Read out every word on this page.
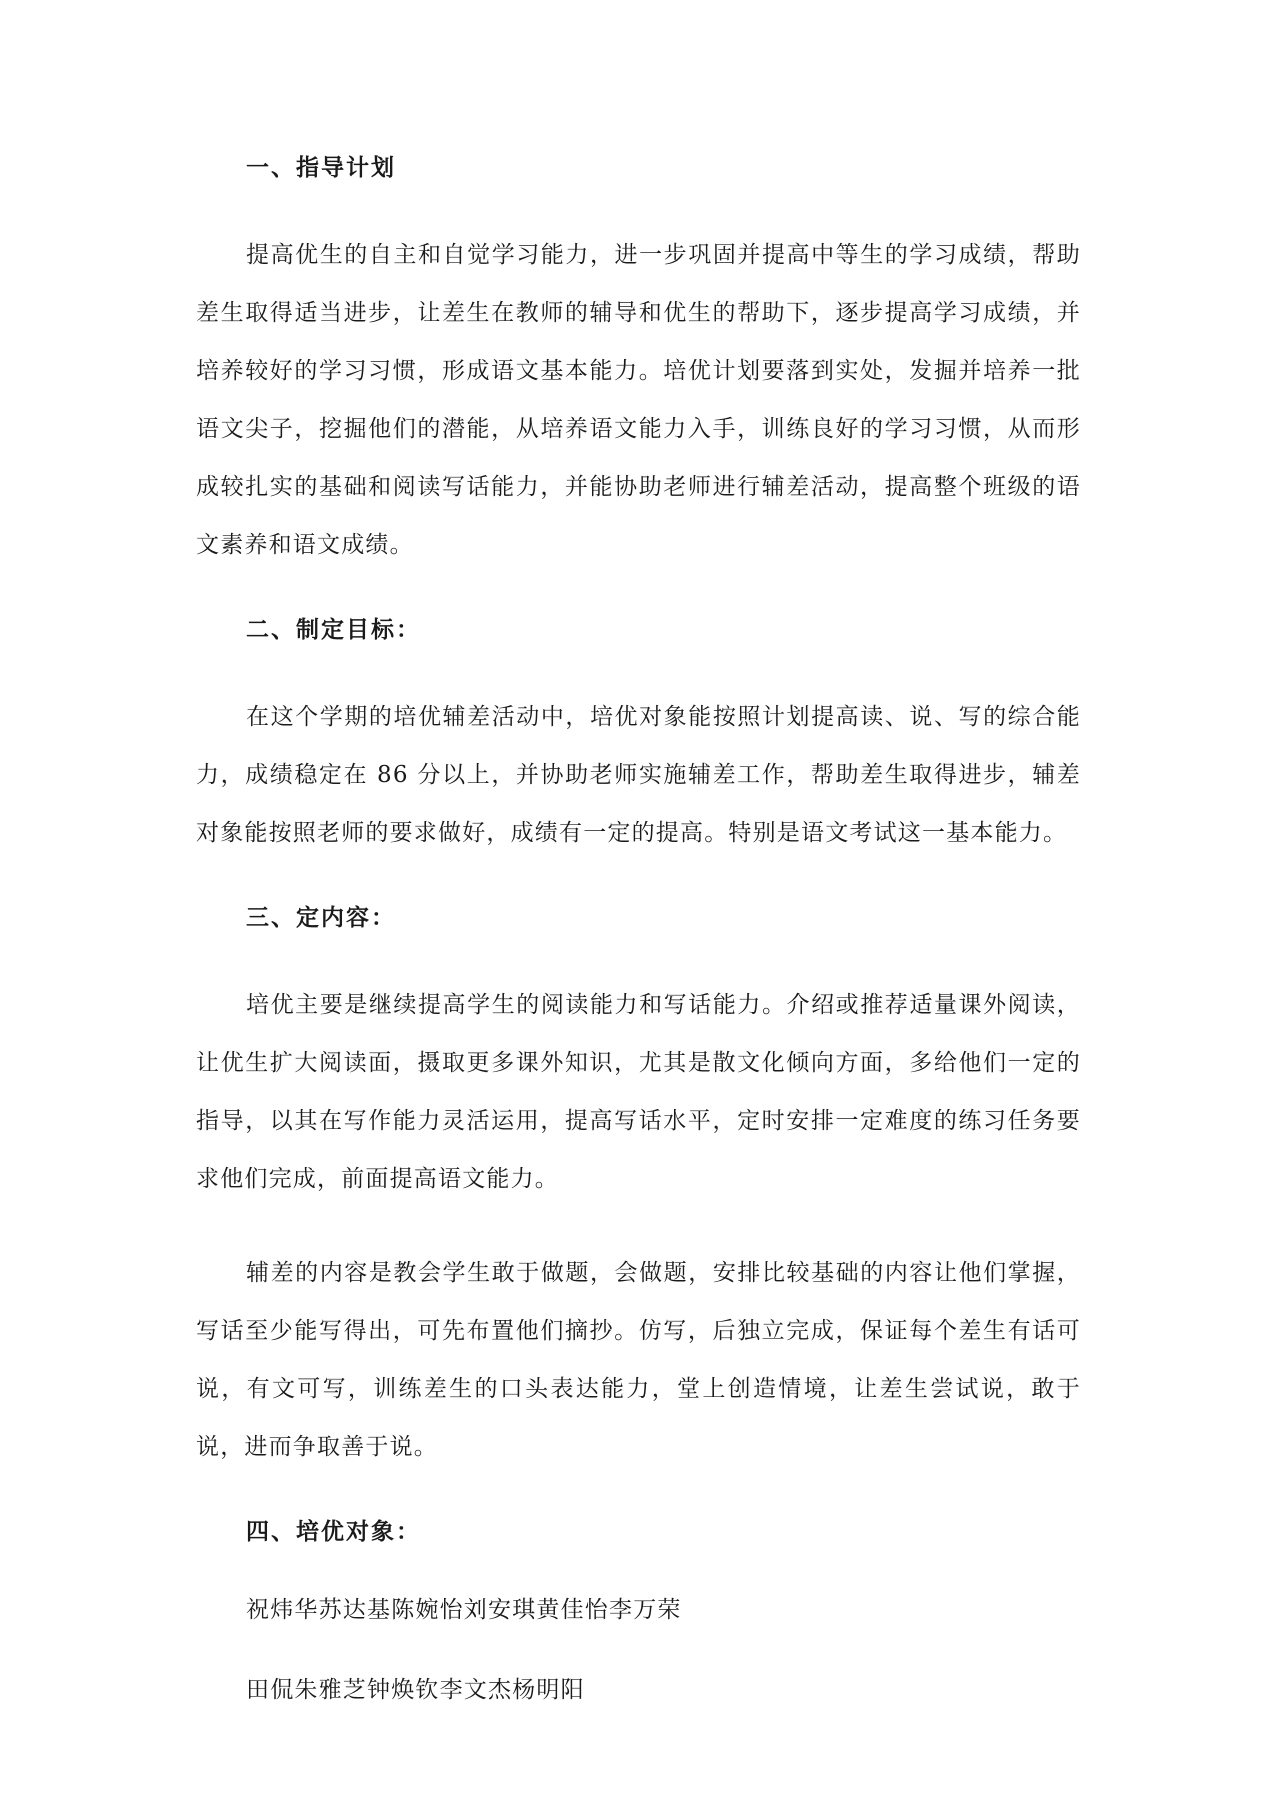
一、指导计划

提高优生的自主和自觉学习能力，进一步巩固并提高中等生的学习成绩，帮助差生取得适当进步，让差生在教师的辅导和优生的帮助下，逐步提高学习成绩，并培养较好的学习习惯，形成语文基本能力。培优计划要落到实处，发掘并培养一批语文尖子，挖掘他们的潜能，从培养语文能力入手，训练良好的学习习惯，从而形成较扎实的基础和阅读写话能力，并能协助老师进行辅差活动，提高整个班级的语文素养和语文成绩。

二、制定目标：

在这个学期的培优辅差活动中，培优对象能按照计划提高读、说、写的综合能力，成绩稳定在 86 分以上，并协助老师实施辅差工作，帮助差生取得进步，辅差对象能按照老师的要求做好，成绩有一定的提高。特别是语文考试这一基本能力。

三、定内容：

培优主要是继续提高学生的阅读能力和写话能力。介绍或推荐适量课外阅读，让优生扩大阅读面，摄取更多课外知识，尤其是散文化倾向方面，多给他们一定的指导，以其在写作能力灵活运用，提高写话水平，定时安排一定难度的练习任务要求他们完成，前面提高语文能力。

辅差的内容是教会学生敢于做题，会做题，安排比较基础的内容让他们掌握，写话至少能写得出，可先布置他们摘抄。仿写，后独立完成，保证每个差生有话可说，有文可写，训练差生的口头表达能力，堂上创造情境，让差生尝试说，敢于说，进而争取善于说。

四、培优对象：

祝炜华苏达基陈婉怡刘安琪黄佳怡李万荣

田侃朱雅芝钟焕钦李文杰杨明阳
